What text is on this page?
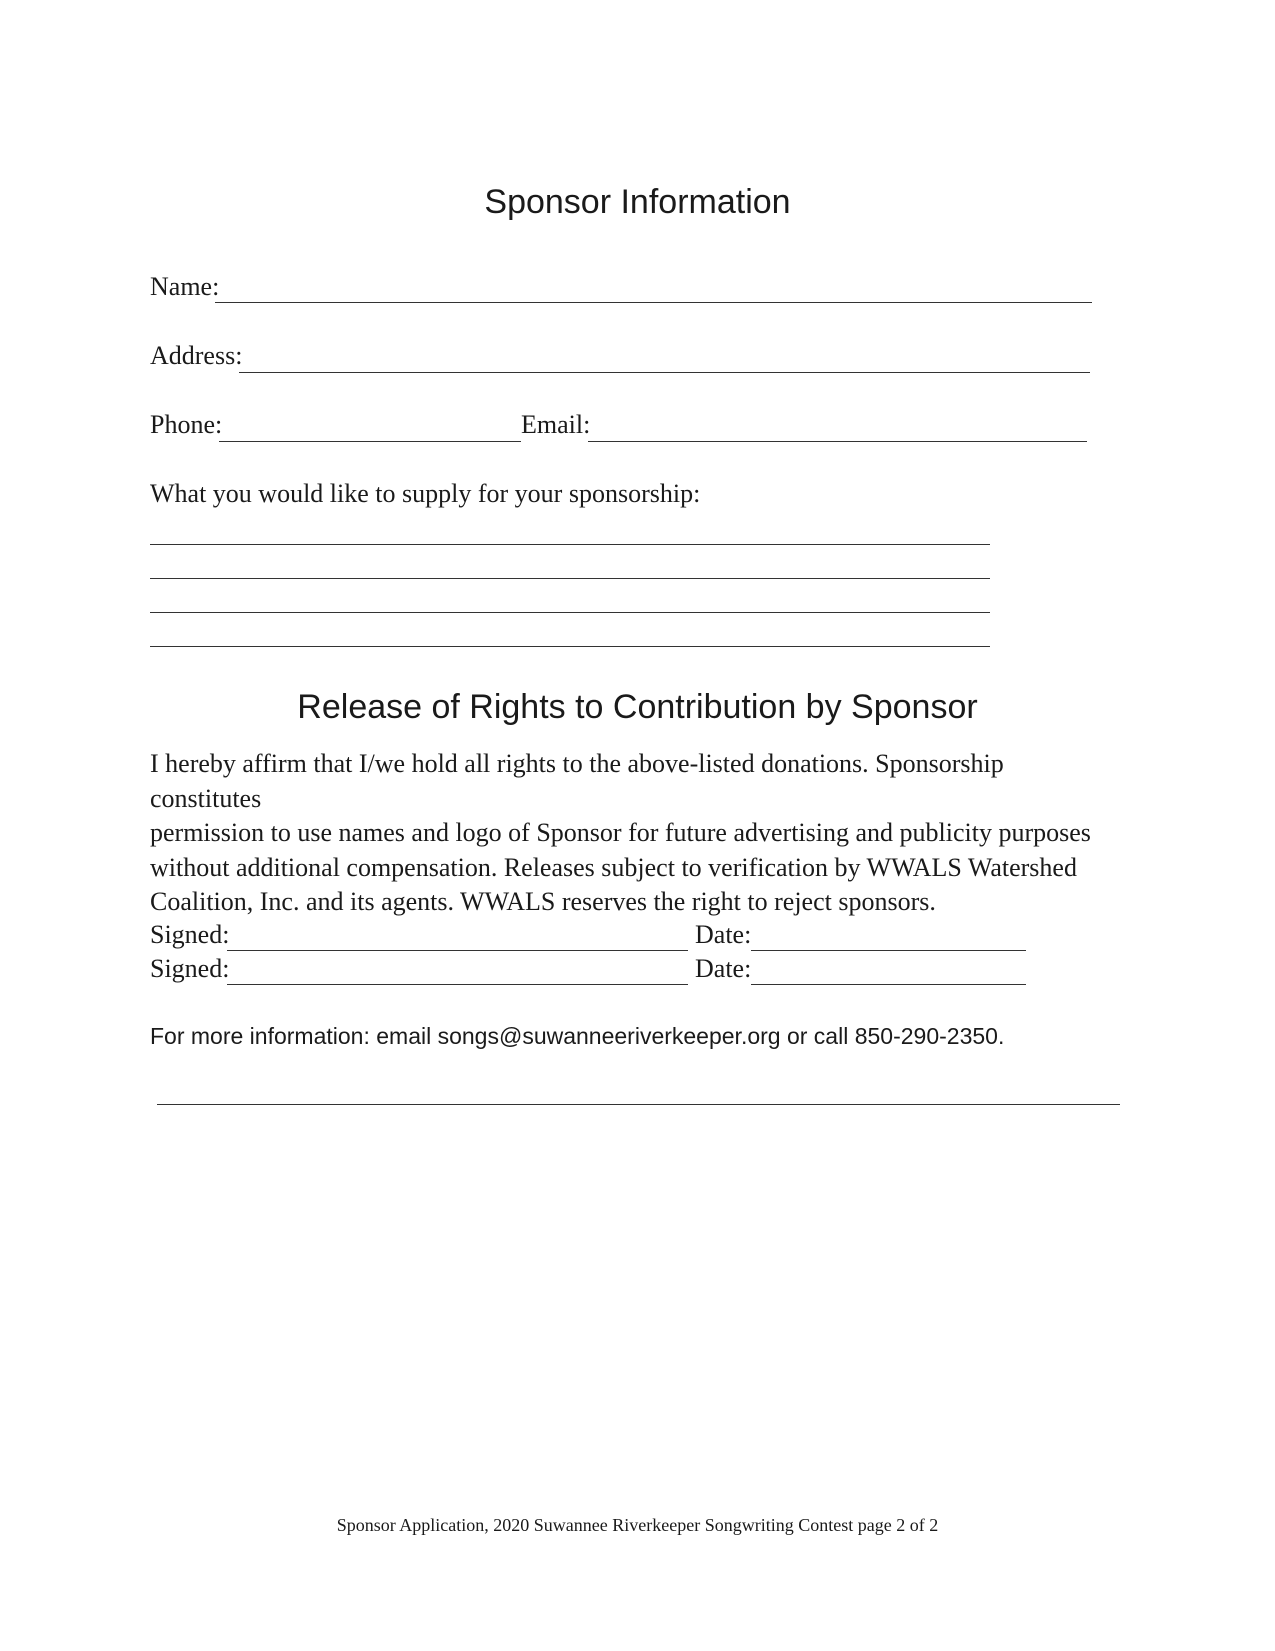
Sponsor Information
Name:
Address:
Phone:	Email:
What you would like to supply for your sponsorship:
Release of Rights to Contribution by Sponsor
I hereby affirm that I/we hold all rights to the above-listed donations. Sponsorship constitutes
permission to use names and logo of Sponsor for future advertising and publicity purposes
without additional compensation. Releases subject to verification by WWALS Watershed
Coalition, Inc. and its agents. WWALS reserves the right to reject sponsors.
Signed:	Date:
Signed:	Date:
For more information: email songs@suwanneeriverkeeper.org or call 850-290-2350.
Sponsor Application, 2020 Suwannee Riverkeeper Songwriting Contest page 2 of 2
